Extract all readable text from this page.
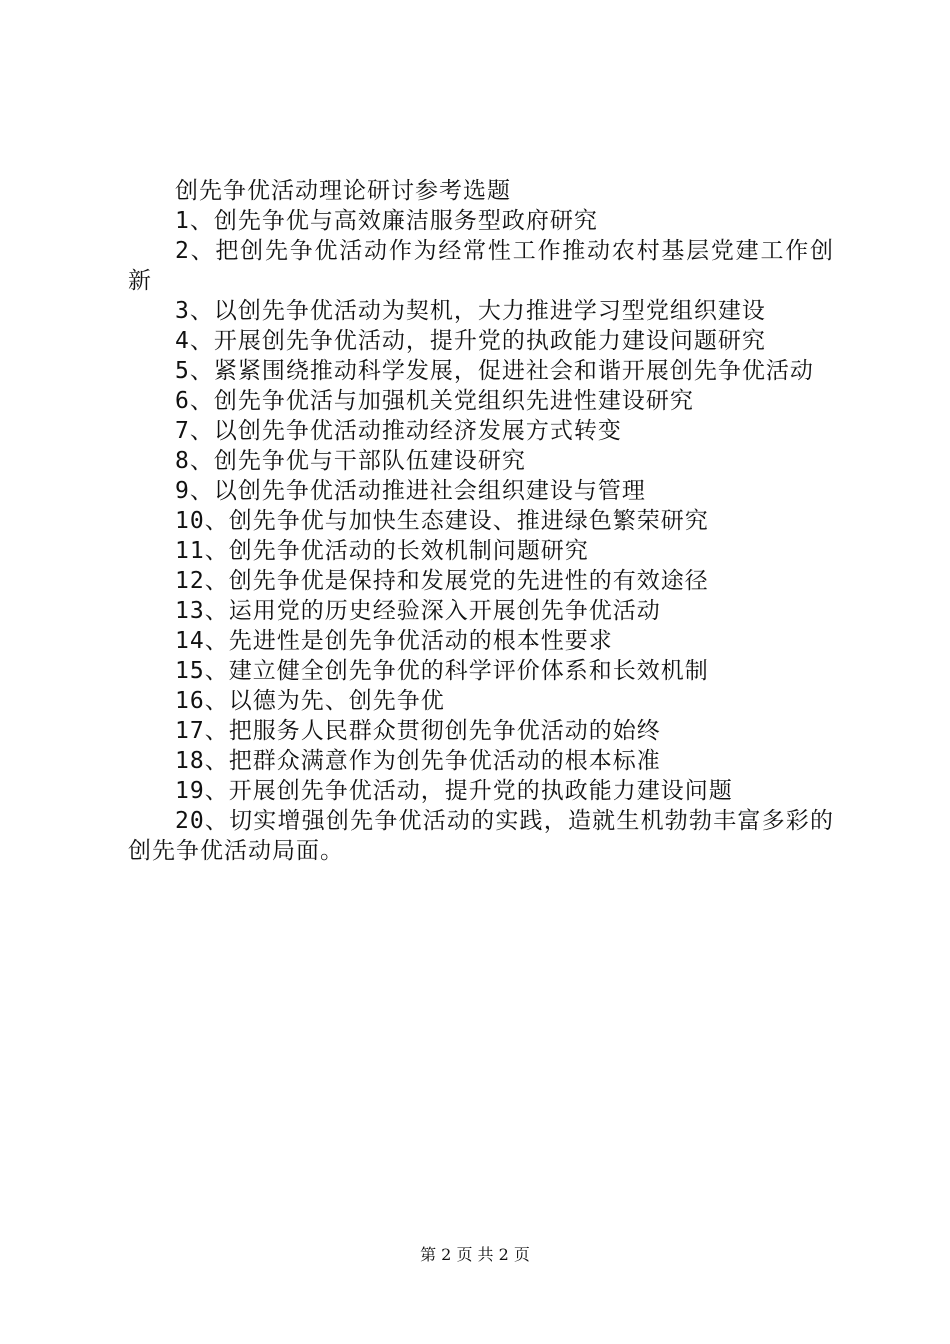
创先争优活动理论研讨参考选题

1、创先争优与高效廉洁服务型政府研究

2、把创先争优活动作为经常性工作推动农村基层党建工作创新

3、以创先争优活动为契机，大力推进学习型党组织建设

4、开展创先争优活动，提升党的执政能力建设问题研究

5、紧紧围绕推动科学发展，促进社会和谐开展创先争优活动

6、创先争优活与加强机关党组织先进性建设研究

7、以创先争优活动推动经济发展方式转变

8、创先争优与干部队伍建设研究

9、以创先争优活动推进社会组织建设与管理

10、创先争优与加快生态建设、推进绿色繁荣研究

11、创先争优活动的长效机制问题研究

12、创先争优是保持和发展党的先进性的有效途径

13、运用党的历史经验深入开展创先争优活动

14、先进性是创先争优活动的根本性要求

15、建立健全创先争优的科学评价体系和长效机制

16、以德为先、创先争优

17、把服务人民群众贯彻创先争优活动的始终

18、把群众满意作为创先争优活动的根本标准

19、开展创先争优活动，提升党的执政能力建设问题

20、切实增强创先争优活动的实践，造就生机勃勃丰富多彩的创先争优活动局面。

第 2 页 共 2 页
